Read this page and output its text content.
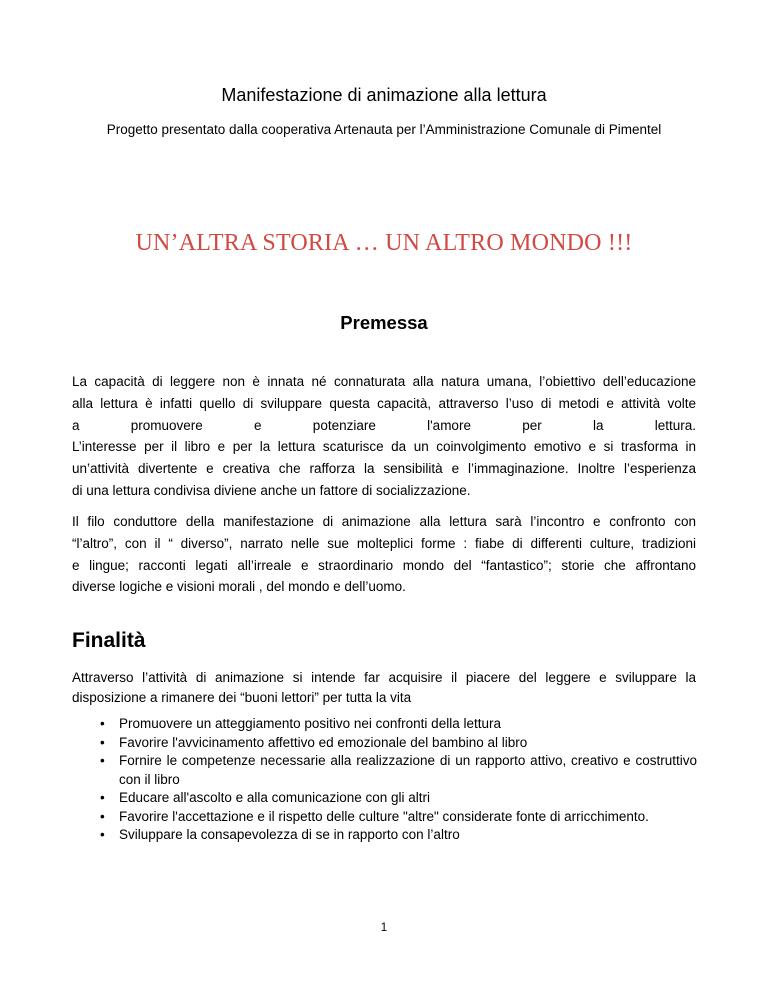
Manifestazione di animazione alla lettura
Progetto presentato dalla cooperativa Artenauta per l’Amministrazione Comunale di Pimentel
UN’ALTRA STORIA … UN ALTRO MONDO !!!
Premessa

La capacità di leggere non è innata né connaturata alla natura umana, l’obiettivo dell’educazione
alla lettura è infatti quello di sviluppare questa capacità, attraverso l’uso di metodi e attività volte
a promuovere e potenziare l'amore per la lettura.
L’interesse per il libro e per la lettura scaturisce da un coinvolgimento emotivo e si trasforma in
un’attività divertente e creativa che rafforza la sensibilità e l’immaginazione. Inoltre l’esperienza
di una lettura condivisa diviene anche un fattore di socializzazione.

Il filo conduttore della manifestazione di animazione alla lettura sarà l’incontro e confronto con
“l’altro”, con il “ diverso”, narrato nelle sue molteplici forme : fiabe di differenti culture, tradizioni
e lingue; racconti legati all’irreale e straordinario mondo del “fantastico”; storie che affrontano
diverse logiche e visioni morali , del mondo e dell’uomo.

Finalità

Attraverso l’attività di animazione si intende far acquisire il piacere del leggere e sviluppare la
disposizione a rimanere dei “buoni lettori” per tutta la vita

• Promuovere un atteggiamento positivo nei confronti della lettura
• Favorire l'avvicinamento affettivo ed emozionale del bambino al libro
• Fornire le competenze necessarie alla realizzazione di un rapporto attivo, creativo e costruttivo con il libro
• Educare all'ascolto e alla comunicazione con gli altri
• Favorire l'accettazione e il rispetto delle culture "altre" considerate fonte di arricchimento.
• Sviluppare la consapevolezza di se in rapporto con l’altro
1
